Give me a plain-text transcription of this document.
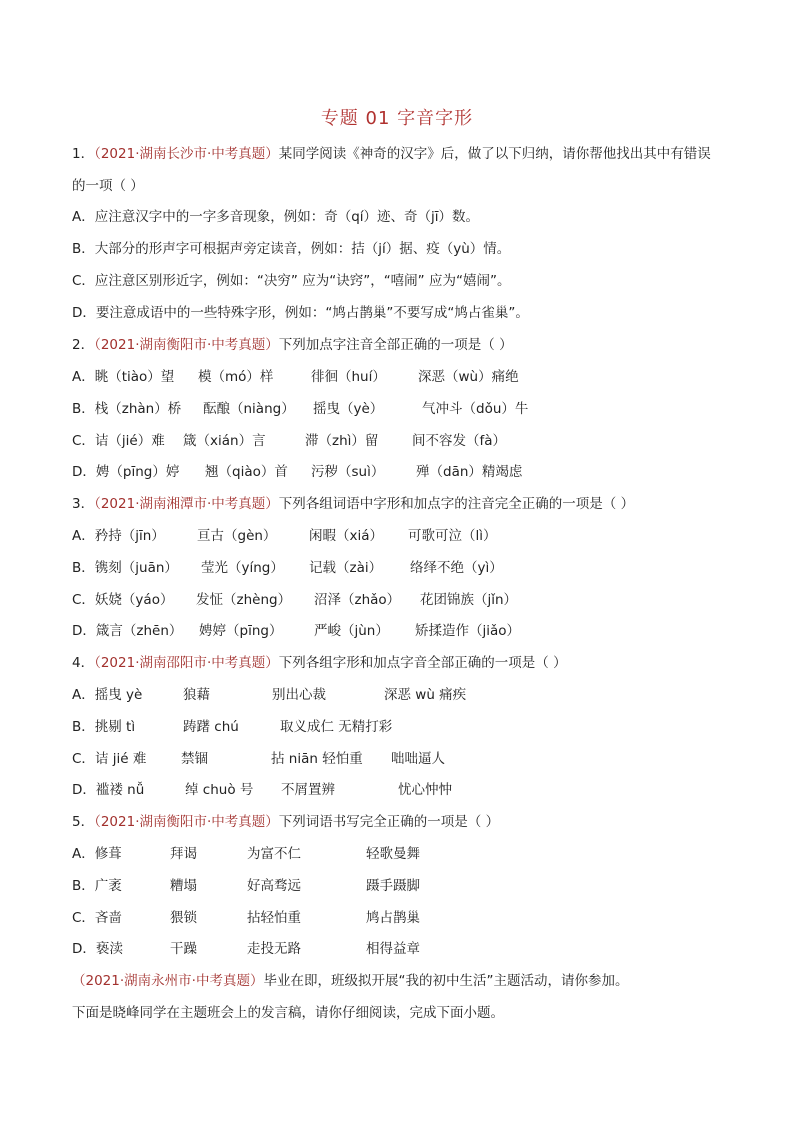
专题 01 字音字形
1．（2021·湖南长沙市·中考真题）某同学阅读《神奇的汉字》后，做了以下归纳，请你帮他找出其中有错误
的一项（ ）
A．应注意汉字中的一字多音现象，例如：奇（qí）迹、奇（jī）数。
B．大部分的形声字可根据声旁定读音，例如：拮（jí）据、疫（yù）情。
C．应注意区别形近字，例如：“决穷” 应为“诀窍”，“嘻闹” 应为“嬉闹”。
D．要注意成语中的一些特殊字形，例如：“鸠占鹊巢”不要写成“鸠占雀巢”。
2．（2021·湖南衡阳市·中考真题）下列加点字注音全部正确的一项是（ ）
A．眺（tiào）望 模（mó）样	徘徊（huí） 深恶（wù）痛绝
B．栈（zhàn）桥 酝酿（niàng） 摇曳（yè）	气冲斗（dǒu）牛
C．诘（jié）难 箴（xián）言	滞（zhì）留 间不容发（fà）
D．娉（pīng）婷 翘（qiào）首 污秽（suì） 殚（dān）精竭虑
3．（2021·湖南湘潭市·中考真题）下列各组词语中字形和加点字的注音完全正确的一项是（ ）
A．矜持（jīn） 亘古（gèn） 闲暇（xiá） 可歌可泣（lì）
B．镌刻（juān） 莹光（yíng） 记载（zài） 络绎不绝（yì）
C．妖娆（yáo） 发怔（zhèng） 沼泽（zhǎo） 花团锦族（jǐn）
D．箴言（zhēn） 娉婷（pīng） 严峻（jùn） 矫揉造作（jiǎo）
4．（2021·湖南邵阳市·中考真题）下列各组字形和加点字音全部正确的一项是（ ）
A．摇曳 yè	狼藉	别出心裁	深恶 wù 痛疾
B．挑剔 tì	踌躇 chú	取义成仁 无精打彩
C．诘 jié 难	禁锢	拈 niān 轻怕重 咄咄逼人
D．褴褛 nǚ	绰 chuò 号 不屑置辨	忧心忡忡
5．（2021·湖南衡阳市·中考真题）下列词语书写完全正确的一项是（ ）
A．修葺	拜谒	为富不仁	轻歌曼舞
B．广袤	糟塌	好高骛远	蹑手蹑脚
C．吝啬	猥锁	拈轻怕重	鸠占鹊巢
D．亵渎	干躁	走投无路	相得益章
（2021·湖南永州市·中考真题）毕业在即，班级拟开展“我的初中生活”主题活动，请你参加。
下面是晓峰同学在主题班会上的发言稿，请你仔细阅读，完成下面小题。
